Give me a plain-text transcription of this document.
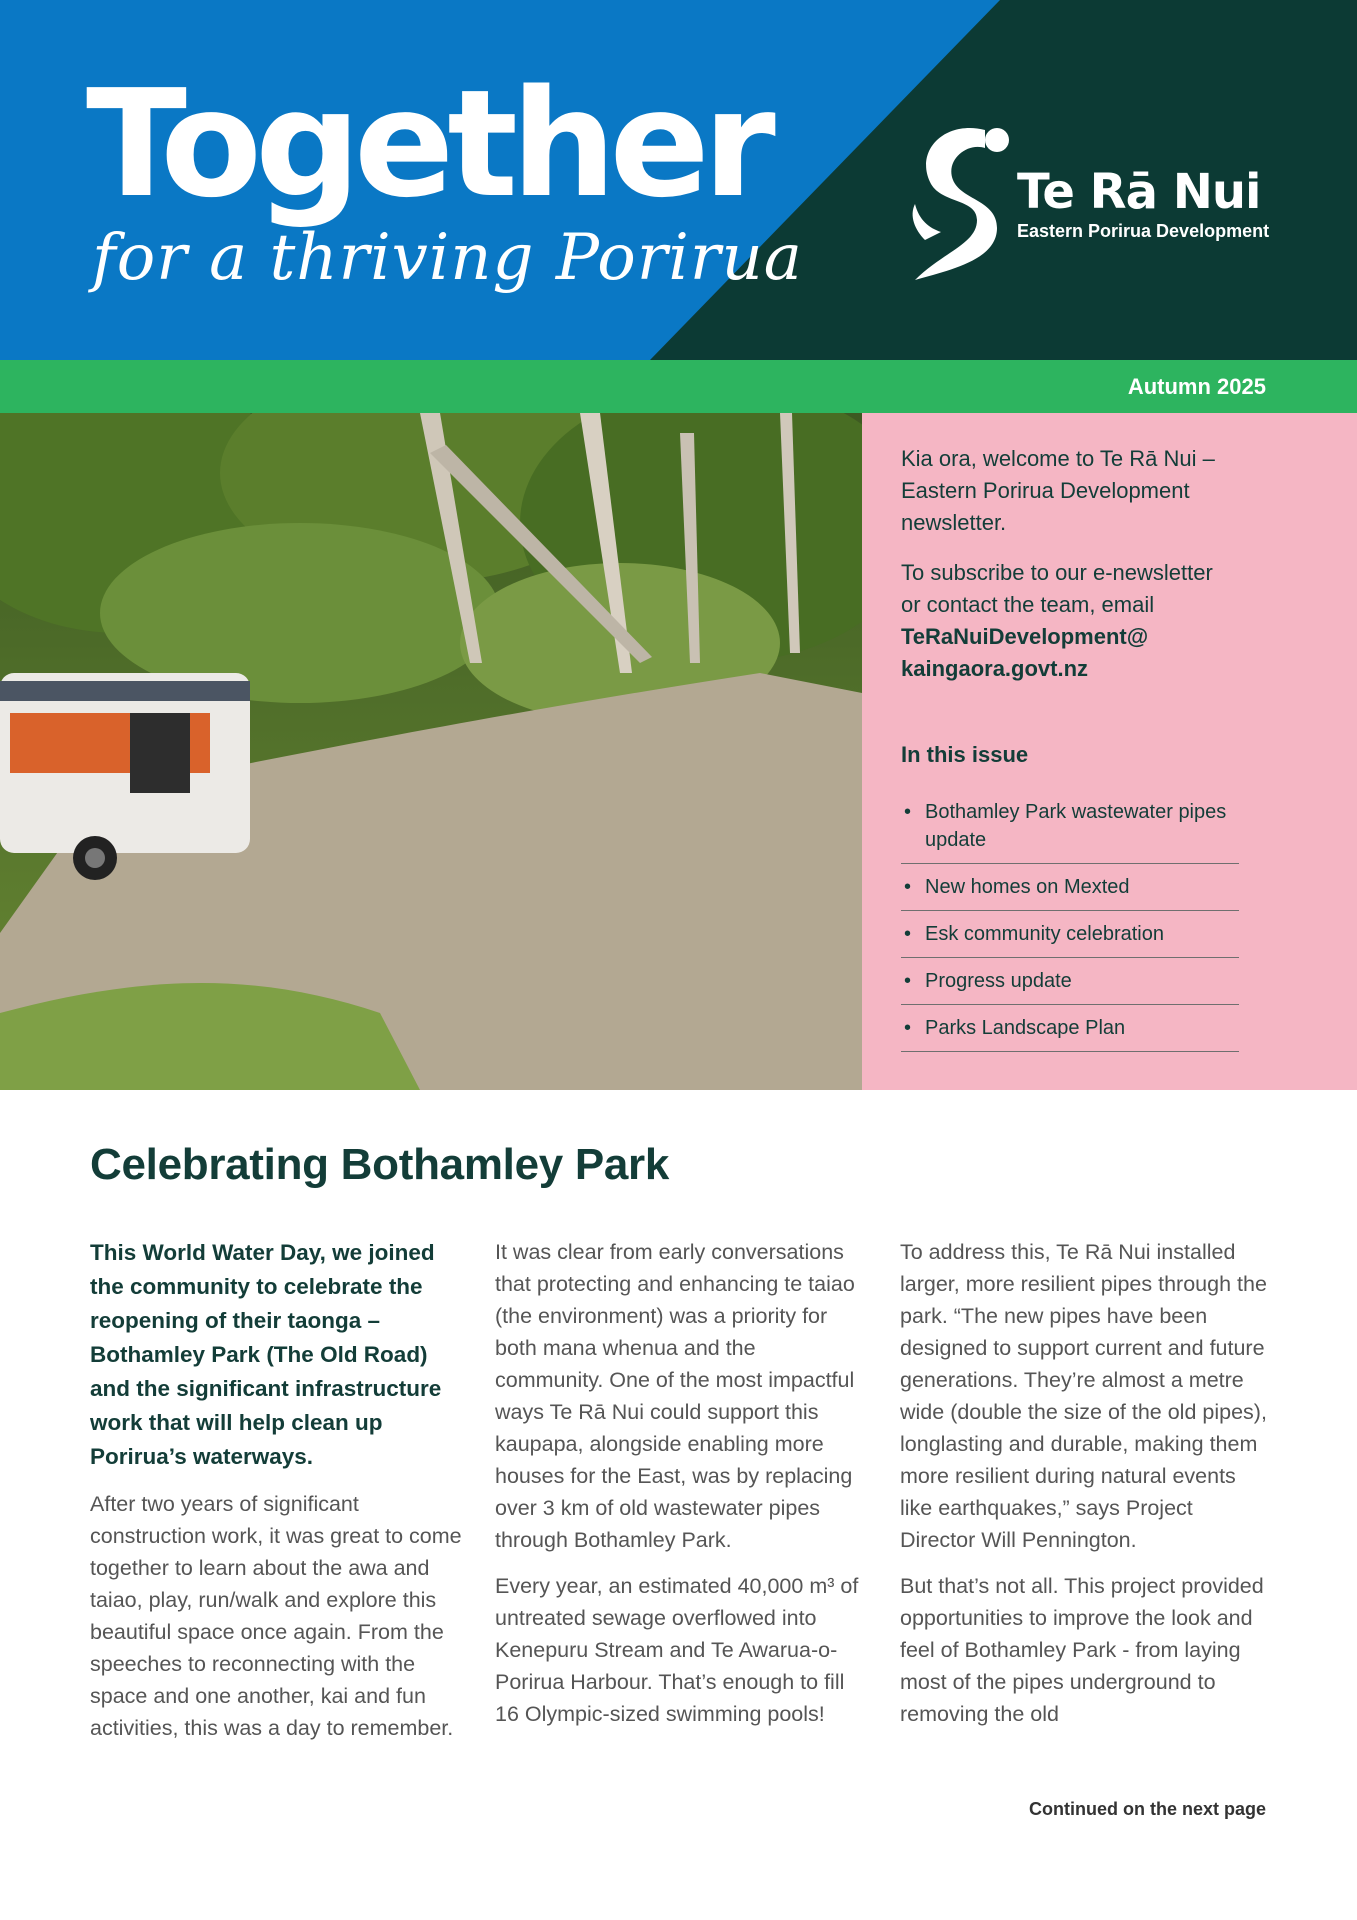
Together
for a thriving Porirua
Te Rā Nui
Eastern Porirua Development
Autumn 2025
Kia ora, welcome to Te Rā Nui – Eastern Porirua Development newsletter.
To subscribe to our e-newsletter or contact the team, email
TeRaNuiDevelopment@
kaingaora.govt.nz
In this issue
• Bothamley Park wastewater pipes update
• New homes on Mexted
• Esk community celebration
• Progress update
• Parks Landscape Plan
Celebrating Bothamley Park

This World Water Day, we joined the community to celebrate the reopening of their taonga – Bothamley Park (The Old Road) and the significant infrastructure work that will help clean up Porirua’s waterways.

After two years of significant construction work, it was great to come together to learn about the awa and taiao, play, run/walk and explore this beautiful space once again. From the speeches to reconnecting with the space and one another, kai and fun activities, this was a day to remember.

It was clear from early conversations that protecting and enhancing te taiao (the environment) was a priority for both mana whenua and the community. One of the most impactful ways Te Rā Nui could support this kaupapa, alongside enabling more houses for the East, was by replacing over 3 km of old wastewater pipes through Bothamley Park.

Every year, an estimated 40,000 m³ of untreated sewage overflowed into Kenepuru Stream and Te Awarua-o-Porirua Harbour. That’s enough to fill 16 Olympic-sized swimming pools!

To address this, Te Rā Nui installed larger, more resilient pipes through the park. “The new pipes have been designed to support current and future generations. They’re almost a metre wide (double the size of the old pipes), longlasting and durable, making them more resilient during natural events like earthquakes,” says Project Director Will Pennington.

But that’s not all. This project provided opportunities to improve the look and feel of Bothamley Park - from laying most of the pipes underground to removing the old

Continued on the next page
